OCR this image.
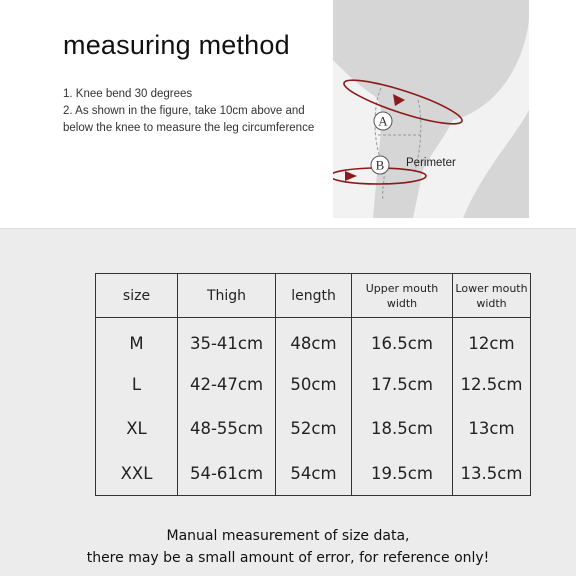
measuring method
1. Knee bend 30 degrees
2. As shown in the figure, take 10cm above and
below the knee to measure the leg circumference	A
B Perimeter
size	Thigh	length	Upper mouth width	Lower mouth width
M	35-41cm	48cm	16.5cm	12cm
L	42-47cm	50cm	17.5cm	12.5cm
XL	48-55cm	52cm	18.5cm	13cm
XXL	54-61cm	54cm	19.5cm	13.5cm
Manual measurement of size data,
there may be a small amount of error, for reference only!
